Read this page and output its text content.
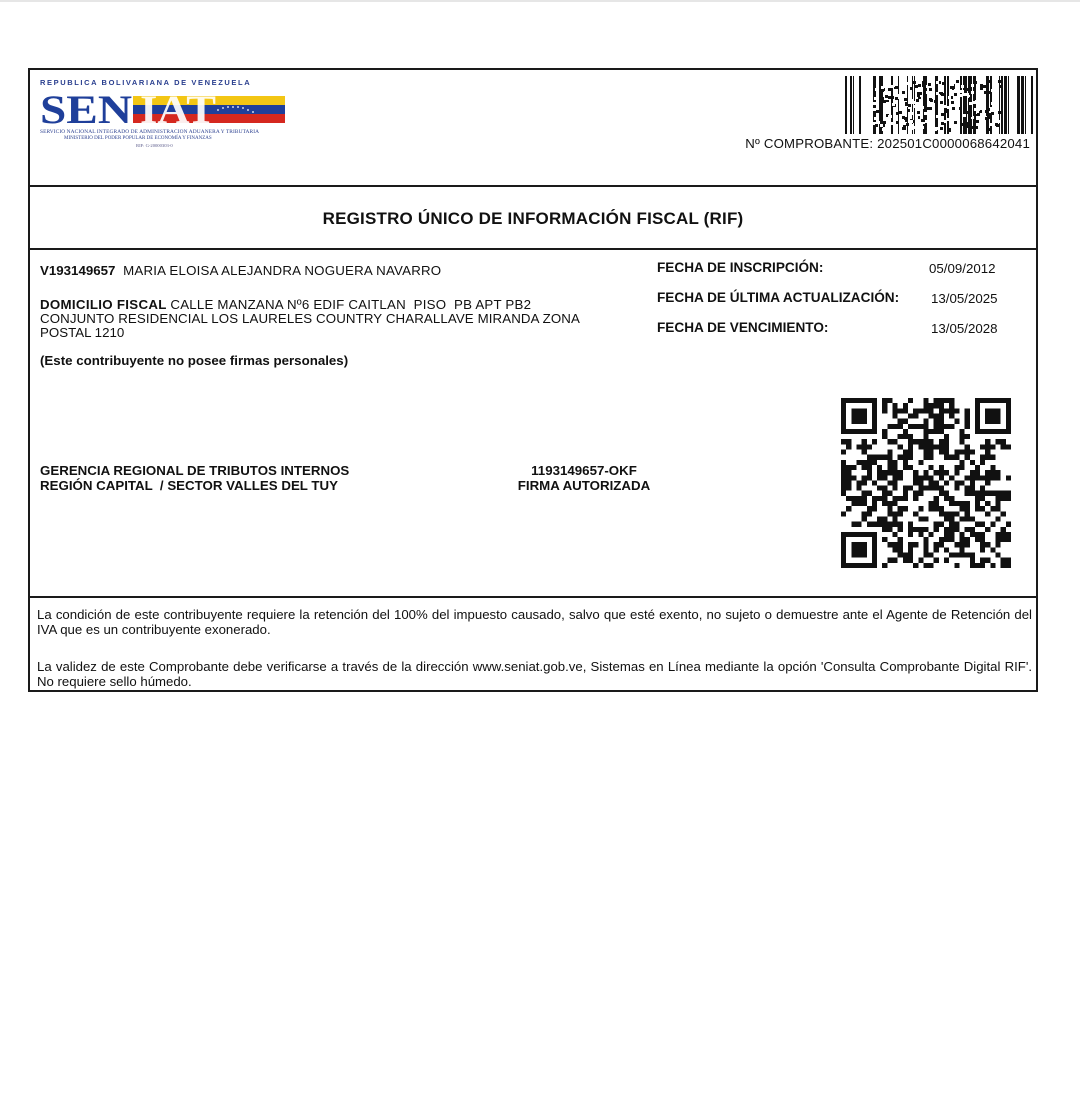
REPUBLICA BOLIVARIANA DE VENEZUELA
SEN IAT
SERVICIO NACIONAL INTEGRADO DE ADMINISTRACION ADUANERA Y TRIBUTARIA
MINISTERIO DEL PODER POPULAR DE ECONOMÍA Y FINANZAS
RIF: G-20000303-0	Nº COMPROBANTE: 202501C0000068642041
REGISTRO ÚNICO DE INFORMACIÓN FISCAL (RIF)
V193149657 MARIA ELOISA ALEJANDRA NOGUERA NAVARRO
DOMICILIO FISCAL CALLE MANZANA Nº6 EDIF CAITLAN  PISO  PB APT PB2
CONJUNTO RESIDENCIAL LOS LAURELES COUNTRY CHARALLAVE MIRANDA ZONA
POSTAL 1210
(Este contribuyente no posee firmas personales)
FECHA DE INSCRIPCIÓN:	05/09/2012
FECHA DE ÚLTIMA ACTUALIZACIÓN: 13/05/2025
FECHA DE VENCIMIENTO:	13/05/2028
GERENCIA REGIONAL DE TRIBUTOS INTERNOS
REGIÓN CAPITAL  / SECTOR VALLES DEL TUY
1193149657-OKF
FIRMA AUTORIZADA
La condición de este contribuyente requiere la retención del 100% del impuesto causado, salvo que esté exento, no sujeto o demuestre ante el Agente de Retención del IVA que es un contribuyente exonerado.
La validez de este Comprobante debe verificarse a través de la dirección www.seniat.gob.ve, Sistemas en Línea mediante la opción 'Consulta Comprobante Digital RIF'. No requiere sello húmedo.
